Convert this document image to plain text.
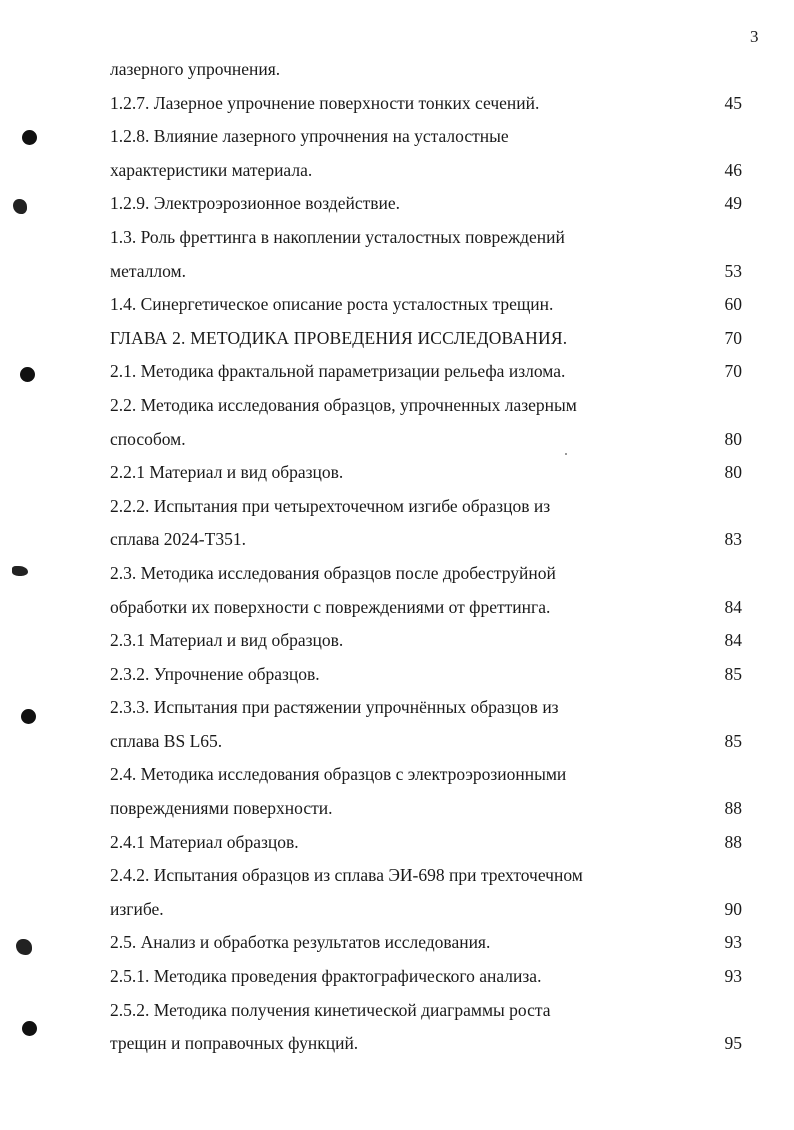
3
лазерного упрочнения.
1.2.7. Лазерное упрочнение поверхности тонких сечений.	45
1.2.8. Влияние лазерного упрочнения на усталостные
характеристики материала.	46
1.2.9. Электроэрозионное воздействие.	49
1.3. Роль фреттинга в накоплении усталостных повреждений
металлом.	53
1.4. Синергетическое описание роста усталостных трещин.	60
ГЛАВА 2. МЕТОДИКА ПРОВЕДЕНИЯ ИССЛЕДОВАНИЯ.	70
2.1. Методика фрактальной параметризации рельефа излома.	70
2.2. Методика исследования образцов, упрочненных лазерным
способом.	80
2.2.1 Материал и вид образцов.	80
2.2.2. Испытания при четырехточечном изгибе образцов из
сплава 2024-Т351.	83
2.3. Методика исследования образцов после дробеструйной
обработки их поверхности с повреждениями от фреттинга.	84
2.3.1 Материал и вид образцов.	84
2.3.2. Упрочнение образцов.	85
2.3.3. Испытания при растяжении упрочнённых образцов из
сплава BS L65.	85
2.4. Методика исследования образцов с электроэрозионными
повреждениями поверхности.	88
2.4.1 Материал образцов.	88
2.4.2. Испытания образцов из сплава ЭИ-698 при трехточечном
изгибе.	90
2.5. Анализ и обработка результатов исследования.	93
2.5.1. Методика проведения фрактографического анализа.	93
2.5.2. Методика получения кинетической диаграммы роста
трещин и поправочных функций.	95
